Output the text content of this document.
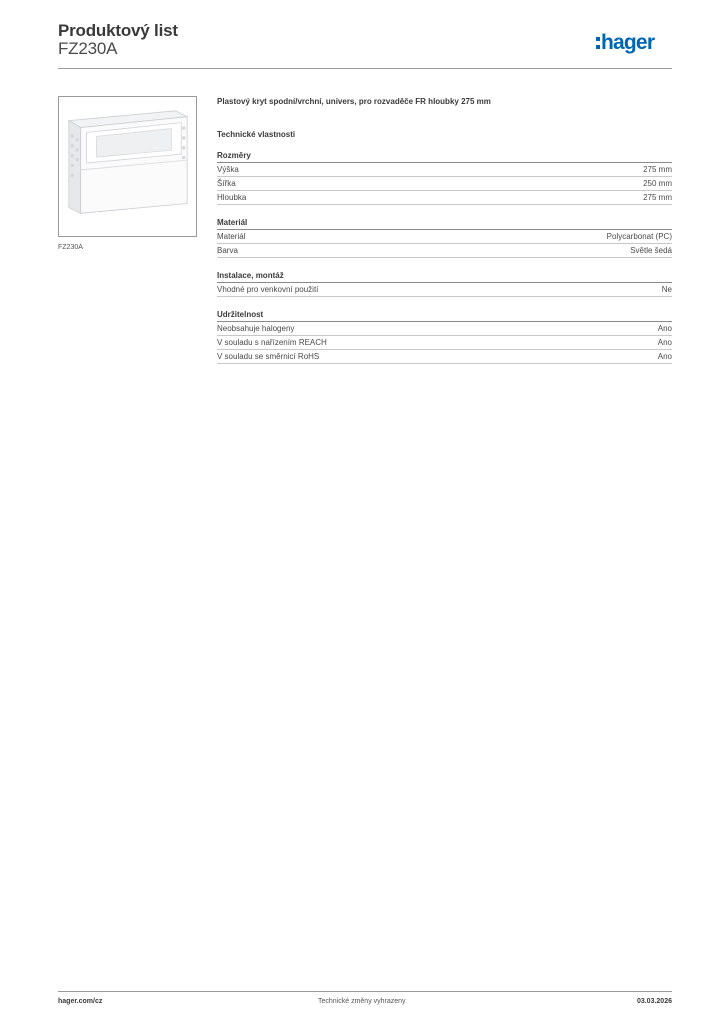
Produktový list
FZ230A	hager
FZ230A
Plastový kryt spodní/vrchní, univers, pro rozvaděče FR hloubky 275 mm
Technické vlastnosti
Rozměry
Výška	275 mm
Šířka	250 mm
Hloubka	275 mm
Materiál
Materiál	Polycarbonat (PC)
Barva	Světle šedá
Instalace, montáž
Vhodné pro venkovní použití	Ne
Udržitelnost
Neobsahuje halogeny	Ano
V souladu s nařízením REACH	Ano
V souladu se směrnicí RoHS	Ano
hager.com/cz	Technické změny vyhrazeny	03.03.2026
